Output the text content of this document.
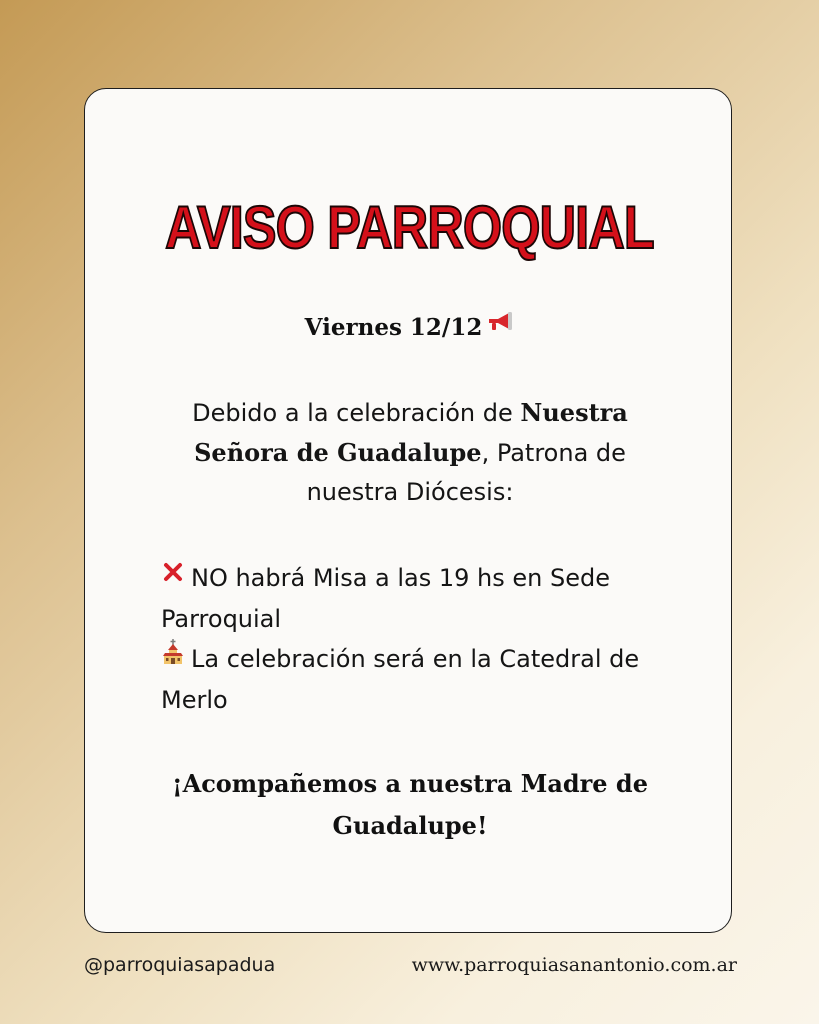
AVISO PARROQUIAL
Viernes 12/12
Debido a la celebración de Nuestra Señora de Guadalupe, Patrona de nuestra Diócesis:
NO habrá Misa a las 19 hs en Sede Parroquial
La celebración será en la Catedral de Merlo
¡Acompañemos a nuestra Madre de Guadalupe!
@parroquiasapadua	www.parroquiasanantonio.com.ar
